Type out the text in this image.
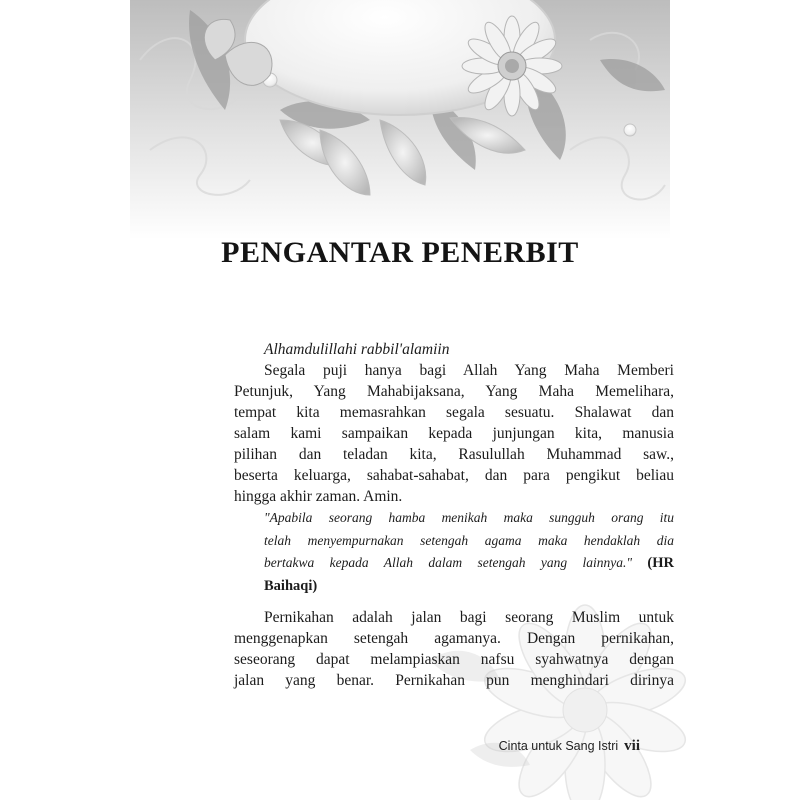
PENGANTAR PENERBIT

Alhamdulillahi rabbil'alamiin

Segala puji hanya bagi Allah Yang Maha Memberi
Petunjuk, Yang Mahabijaksana, Yang Maha Memelihara,
tempat kita memasrahkan segala sesuatu. Shalawat dan
salam kami sampaikan kepada junjungan kita, manusia
pilihan dan teladan kita, Rasulullah Muhammad saw.,
beserta keluarga, sahabat-sahabat, dan para pengikut beliau
hingga akhir zaman. Amin.

"Apabila seorang hamba menikah maka sungguh orang itu
telah menyempurnakan setengah agama maka hendaklah dia
bertakwa kepada Allah dalam setengah yang lainnya." (HR
Baihaqi)

Pernikahan adalah jalan bagi seorang Muslim untuk
menggenapkan setengah agamanya. Dengan pernikahan,
seseorang dapat melampiaskan nafsu syahwatnya dengan
jalan yang benar. Pernikahan pun menghindari dirinya

Cinta untuk Sang Istri vii
